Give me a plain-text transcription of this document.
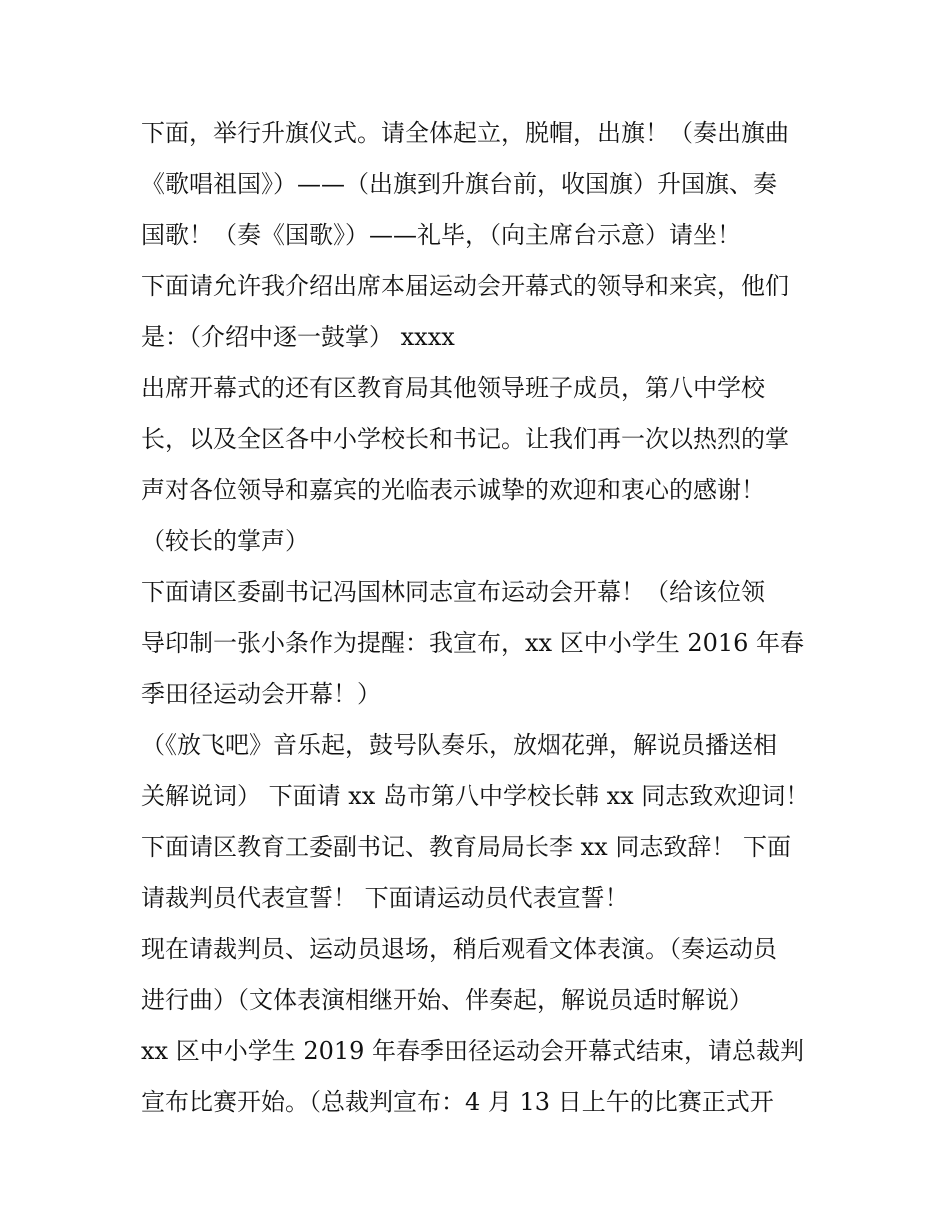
下面，举行升旗仪式。请全体起立，脱帽，出旗！（奏出旗曲
《歌唱祖国》）——（出旗到升旗台前，收国旗）升国旗、奏
国歌！（奏《国歌》）——礼毕，（向主席台示意）请坐！
下面请允许我介绍出席本届运动会开幕式的领导和来宾，他们
是：（介绍中逐一鼓掌） xxxx
出席开幕式的还有区教育局其他领导班子成员，第八中学校
长，以及全区各中小学校长和书记。让我们再一次以热烈的掌
声对各位领导和嘉宾的光临表示诚挚的欢迎和衷心的感谢！
（较长的掌声）
下面请区委副书记冯国林同志宣布运动会开幕！（给该位领
导印制一张小条作为提醒：我宣布，xx 区中小学生 2016 年春
季田径运动会开幕！）
（《放飞吧》音乐起，鼓号队奏乐，放烟花弹，解说员播送相
关解说词） 下面请 xx 岛市第八中学校长韩 xx 同志致欢迎词！
下面请区教育工委副书记、教育局局长李 xx 同志致辞！ 下面
请裁判员代表宣誓！ 下面请运动员代表宣誓！
现在请裁判员、运动员退场，稍后观看文体表演。（奏运动员
进行曲）（文体表演相继开始、伴奏起，解说员适时解说）
xx 区中小学生 2019 年春季田径运动会开幕式结束，请总裁判
宣布比赛开始。（总裁判宣布：4 月 13 日上午的比赛正式开
